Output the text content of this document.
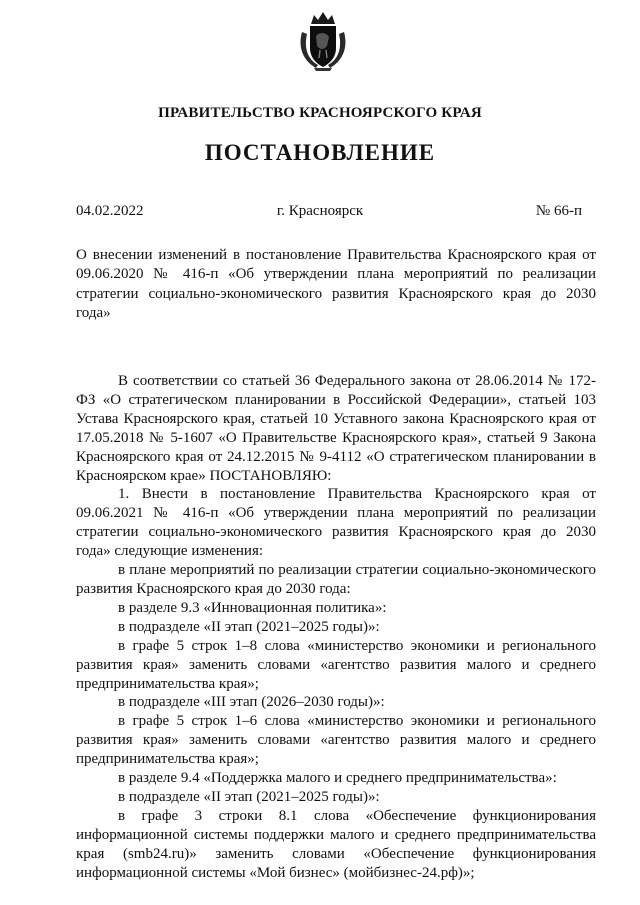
ПРАВИТЕЛЬСТВО КРАСНОЯРСКОГО КРАЯ
ПОСТАНОВЛЕНИЕ
04.02.2022	г. Красноярск	№ 66-п
О внесении изменений в постановление Правительства Красноярского края от 09.06.2020 № 416-п «Об утверждении плана мероприятий по реализации стратегии социально-экономического развития Красноярского края до 2030 года»

В соответствии со статьей 36 Федерального закона от 28.06.2014 № 172-ФЗ «О стратегическом планировании в Российской Федерации», статьей 103 Устава Красноярского края, статьей 10 Уставного закона Красноярского края от 17.05.2018 № 5-1607 «О Правительстве Красноярского края», статьей 9 Закона Красноярского края от 24.12.2015 № 9-4112 «О стратегическом планировании в Красноярском крае» ПОСТАНОВЛЯЮ:

1. Внести в постановление Правительства Красноярского края от 09.06.2021 № 416-п «Об утверждении плана мероприятий по реализации стратегии социально-экономического развития Красноярского края до 2030 года» следующие изменения:

в плане мероприятий по реализации стратегии социально-экономического развития Красноярского края до 2030 года:

в разделе 9.3 «Инновационная политика»:

в подразделе «II этап (2021–2025 годы)»:

в графе 5 строк 1–8 слова «министерство экономики и регионального развития края» заменить словами «агентство развития малого и среднего предпринимательства края»;

в подразделе «III этап (2026–2030 годы)»:

в графе 5 строк 1–6 слова «министерство экономики и регионального развития края» заменить словами «агентство развития малого и среднего предпринимательства края»;

в разделе 9.4 «Поддержка малого и среднего предпринимательства»:

в подразделе «II этап (2021–2025 годы)»:

в графе 3 строки 8.1 слова «Обеспечение функционирования информационной системы поддержки малого и среднего предпринимательства края (smb24.ru)» заменить словами «Обеспечение функционирования информационной системы «Мой бизнес» (мойбизнес-24.рф)»;
